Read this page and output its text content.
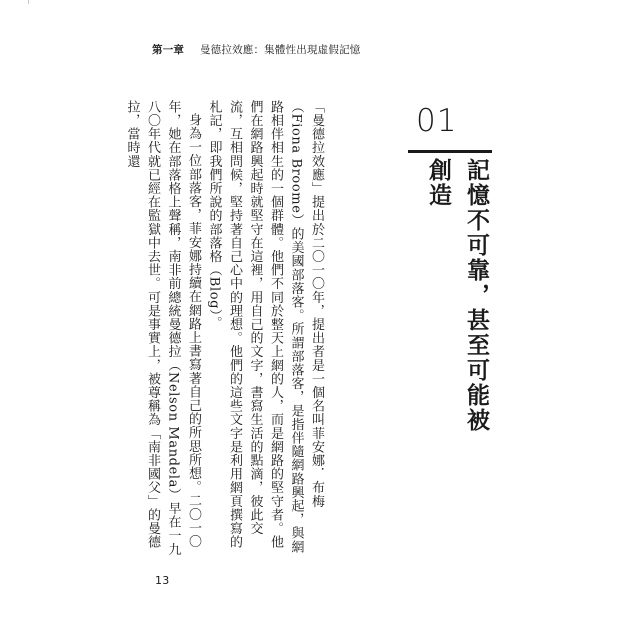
第一章 曼德拉效應：集體性出現虛假記憶
01
記憶不可靠，甚至可能被創造

「曼德拉效應」提出於二〇一〇年，提出者是一個名叫菲安娜．布梅（Fiona Broome）的美國部落客。所謂部落客，是指伴隨網路興起，與網路相伴相生的一個群體。他們不同於整天上網的人，而是網路的堅守者。他們在網路興起時就堅守在這裡，用自己的文字，書寫生活的點滴，彼此交流，互相問候，堅持著自己心中的理想。他們的這些文字是利用網頁撰寫的札記，即我們所說的部落格（Blog）。

身為一位部落客，菲安娜持續在網路上書寫著自己的所思所想。二〇一〇年，她在部落格上聲稱，南非前總統曼德拉（Nelson Mandela）早在一九八〇年代就已經在監獄中去世。可是事實上，被尊稱為「南非國父」的曼德拉，當時還

13
